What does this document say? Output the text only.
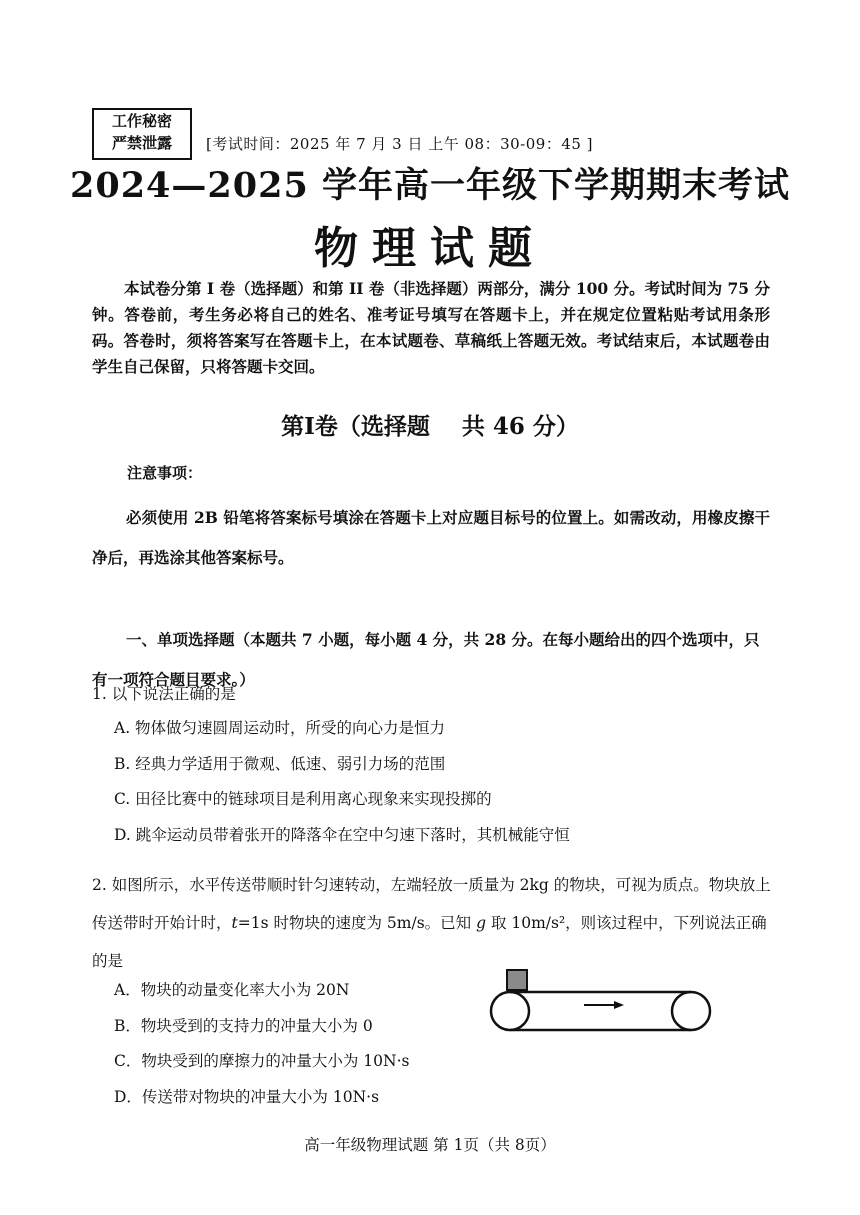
工作秘密
严禁泄露	[考试时间：2025 年 7 月 3 日 上午 08：30-09：45 ]
2024—2025 学年高一年级下学期期末考试
物理试题
本试卷分第 I 卷（选择题）和第 II 卷（非选择题）两部分，满分 100 分。考试时间为 75 分钟。答卷前，考生务必将自己的姓名、准考证号填写在答题卡上，并在规定位置粘贴考试用条形码。答卷时，须将答案写在答题卡上，在本试题卷、草稿纸上答题无效。考试结束后，本试题卷由学生自己保留，只将答题卡交回。
第Ⅰ卷（选择题    共 46 分）
注意事项：
必须使用 2B 铅笔将答案标号填涂在答题卡上对应题目标号的位置上。如需改动，用橡皮擦干净后，再选涂其他答案标号。
一、单项选择题（本题共 7 小题，每小题 4 分，共 28 分。在每小题给出的四个选项中，只有一项符合题目要求。）
1. 以下说法正确的是
A. 物体做匀速圆周运动时，所受的向心力是恒力
B. 经典力学适用于微观、低速、弱引力场的范围
C. 田径比赛中的链球项目是利用离心现象来实现投掷的
D. 跳伞运动员带着张开的降落伞在空中匀速下落时，其机械能守恒
2. 如图所示，水平传送带顺时针匀速转动，左端轻放一质量为 2kg 的物块，可视为质点。物块放上传送带时开始计时，t=1s 时物块的速度为 5m/s。已知 g 取 10m/s²，则该过程中，下列说法正确的是
A．物块的动量变化率大小为 20N
B．物块受到的支持力的冲量大小为 0
C．物块受到的摩擦力的冲量大小为 10N·s
D．传送带对物块的冲量大小为 10N·s
高一年级物理试题 第 1页（共 8页）
